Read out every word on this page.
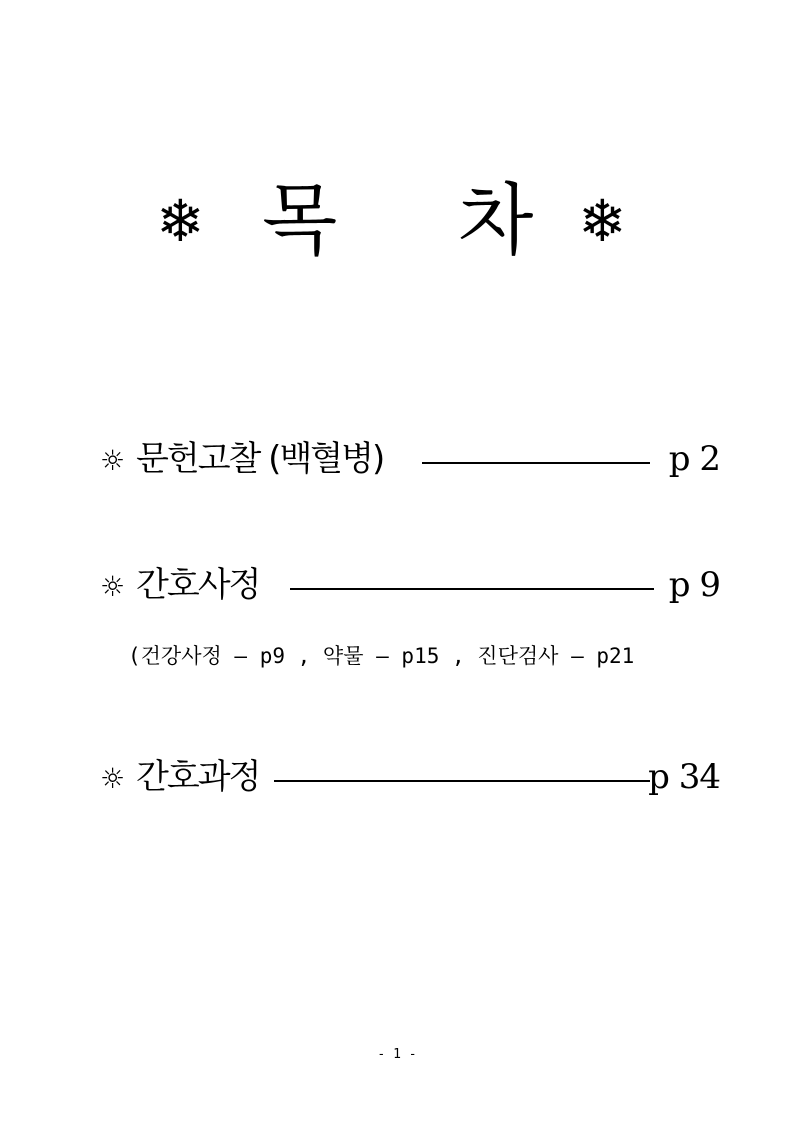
❄ 목 차 ❄
☼ 문헌고찰 (백혈병)	p 2
☼ 간호사정	p 9
(건강사정 – p9 , 약물 – p15 , 진단검사 – p21
☼ 간호과정	p 34
- 1 -
